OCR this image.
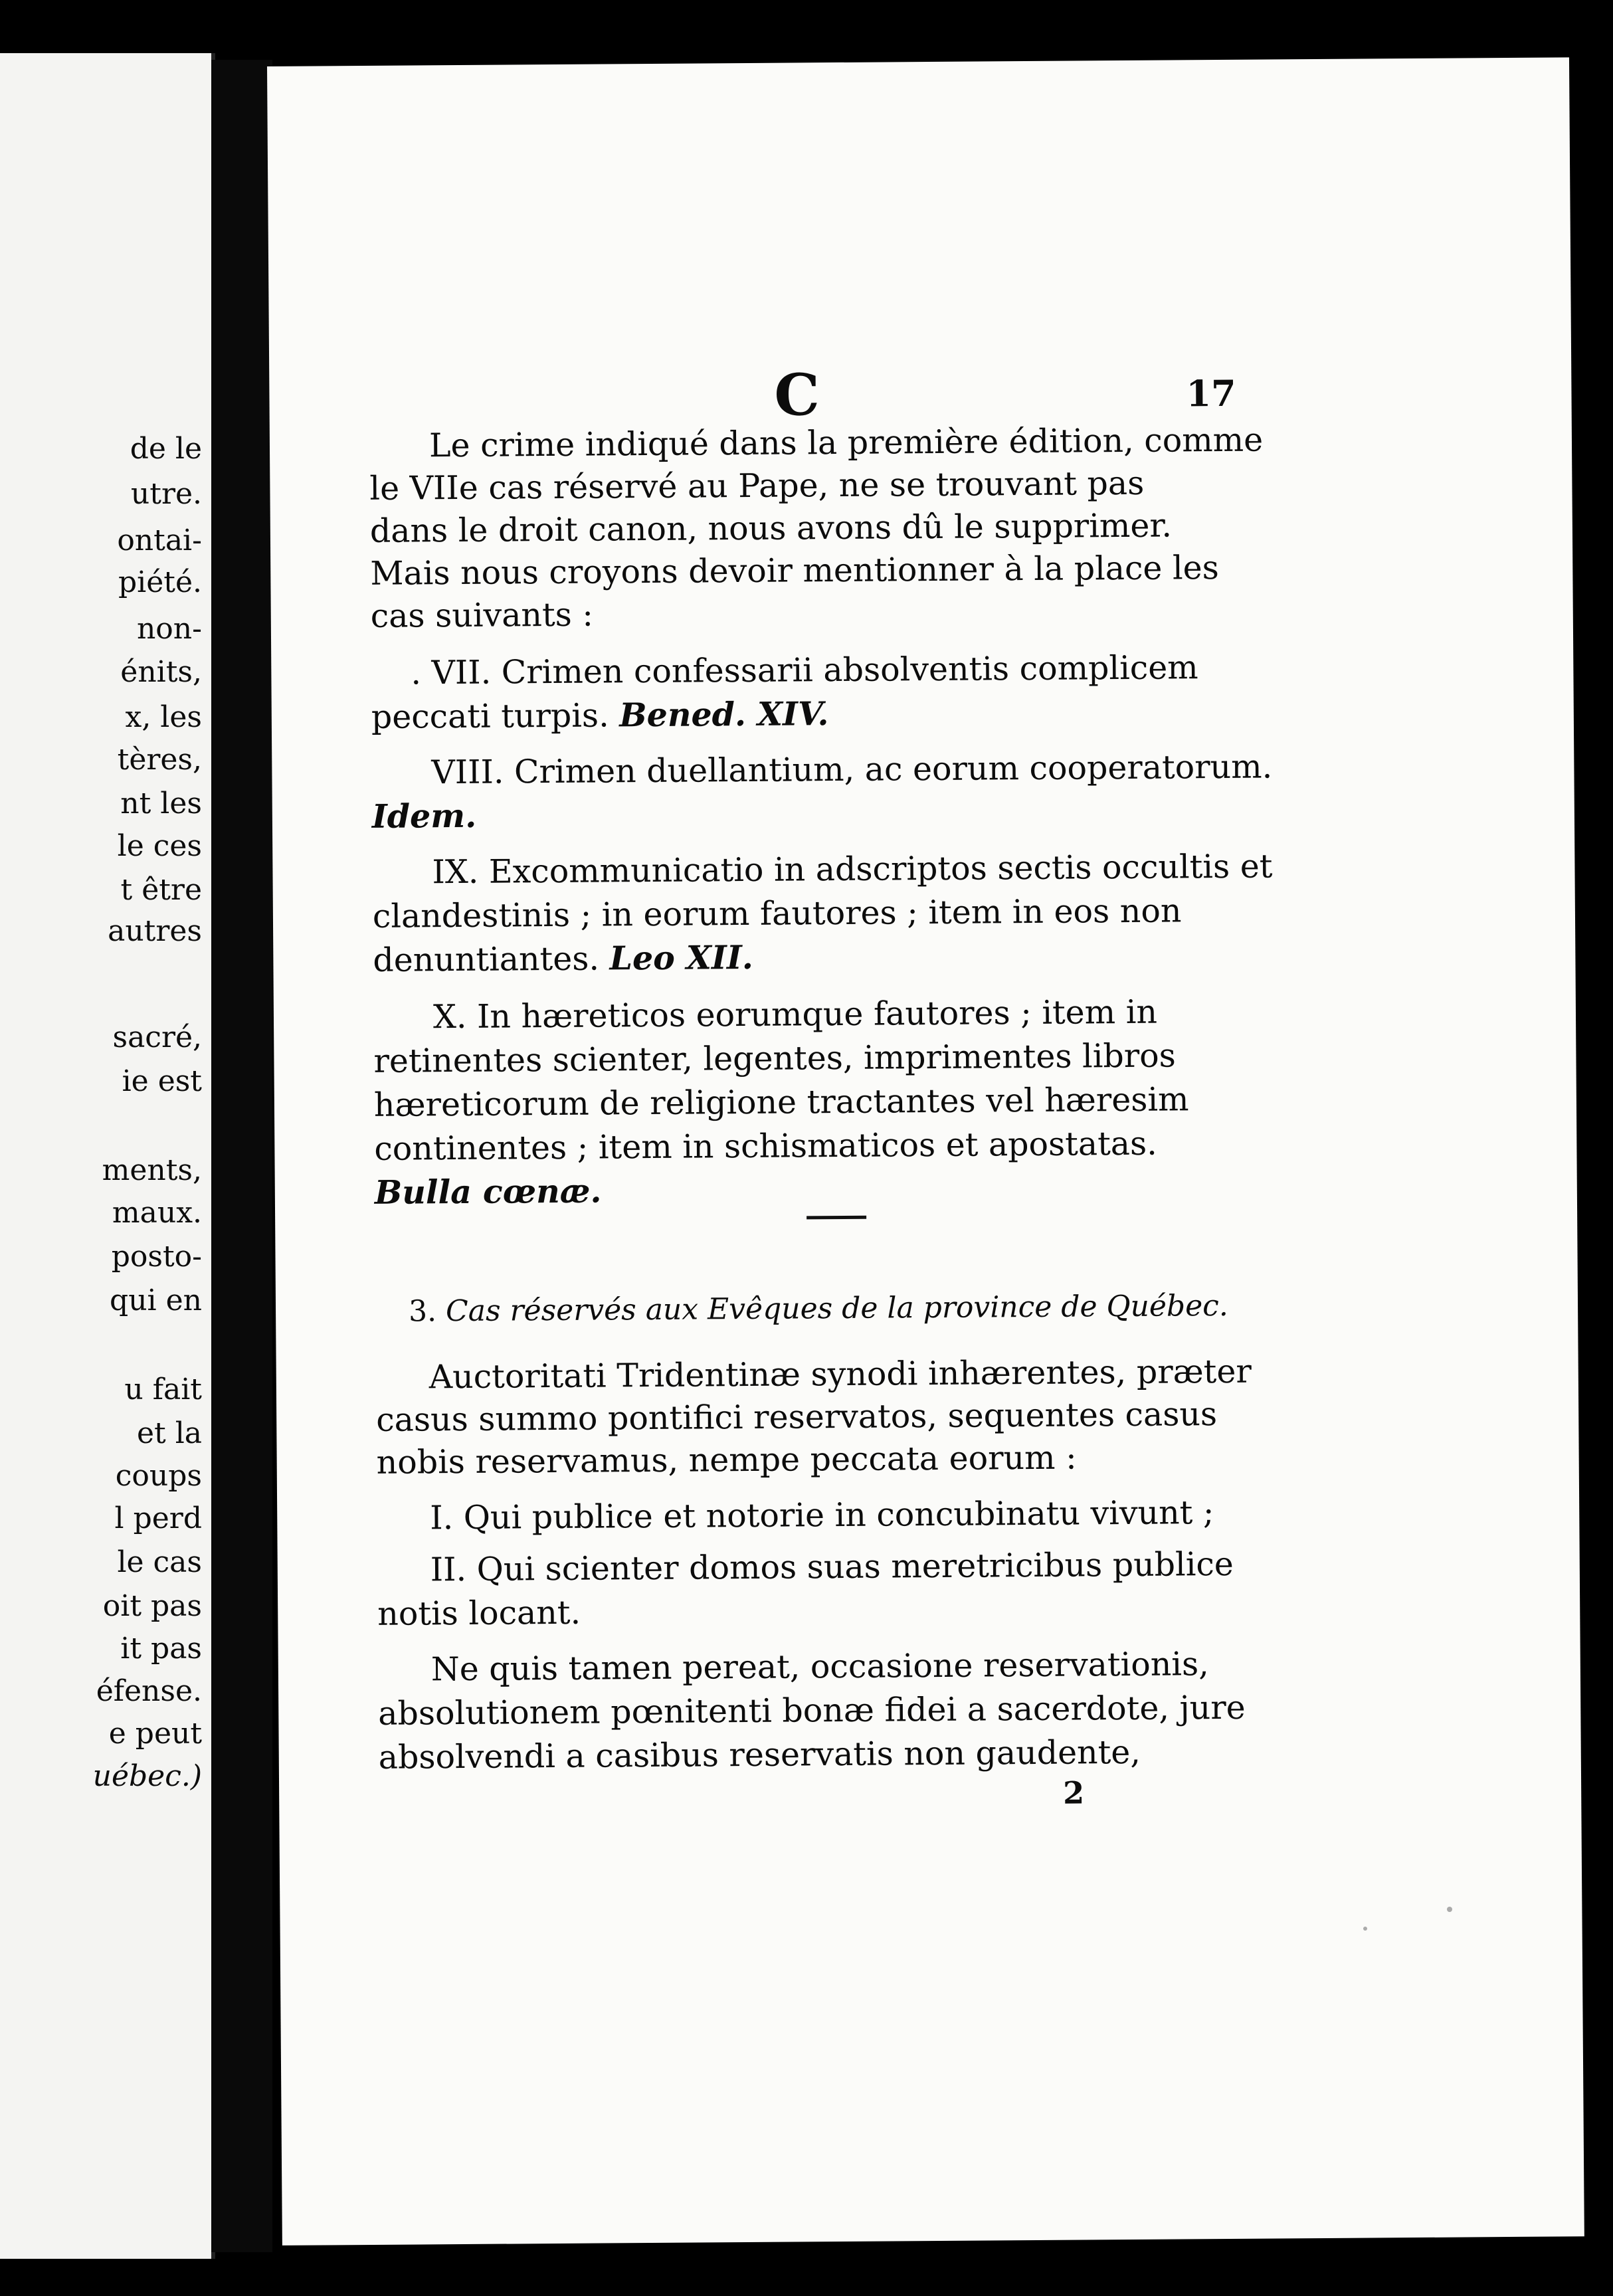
de le
utre.
ontai-
piété.
non-
énits,
x, les
tères,
nt les
le ces
t être
autres
sacré,
ie est
ments,
maux.
posto-
qui en
u fait
et la
coups
l perd
le cas
oit pas
it pas
éfense.
e peut
uébec.)
C	17
Le crime indiqué dans la première édition, comme
le VIIe cas réservé au Pape, ne se trouvant pas
dans le droit canon, nous avons dû le supprimer.
Mais nous croyons devoir mentionner à la place les
cas suivants :
. VII. Crimen confessarii absolventis complicem
peccati turpis. Bened. XIV.
VIII. Crimen duellantium, ac eorum cooperatorum.
Idem.
IX. Excommunicatio in adscriptos sectis occultis et
clandestinis ; in eorum fautores ; item in eos non
denuntiantes. Leo XII.
X. In hæreticos eorumque fautores ; item in
retinentes scienter, legentes, imprimentes libros
hæreticorum de religione tractantes vel hæresim
continentes ; item in schismaticos et apostatas.
Bulla cœnæ.
3. Cas réservés aux Evêques de la province de Québec.
Auctoritati Tridentinæ synodi inhærentes, præter
casus summo pontifici reservatos, sequentes casus
nobis reservamus, nempe peccata eorum :
I. Qui publice et notorie in concubinatu vivunt ;
II. Qui scienter domos suas meretricibus publice
notis locant.
Ne quis tamen pereat, occasione reservationis,
absolutionem pœnitenti bonæ fidei a sacerdote, jure
absolvendi a casibus reservatis non gaudente,
2
